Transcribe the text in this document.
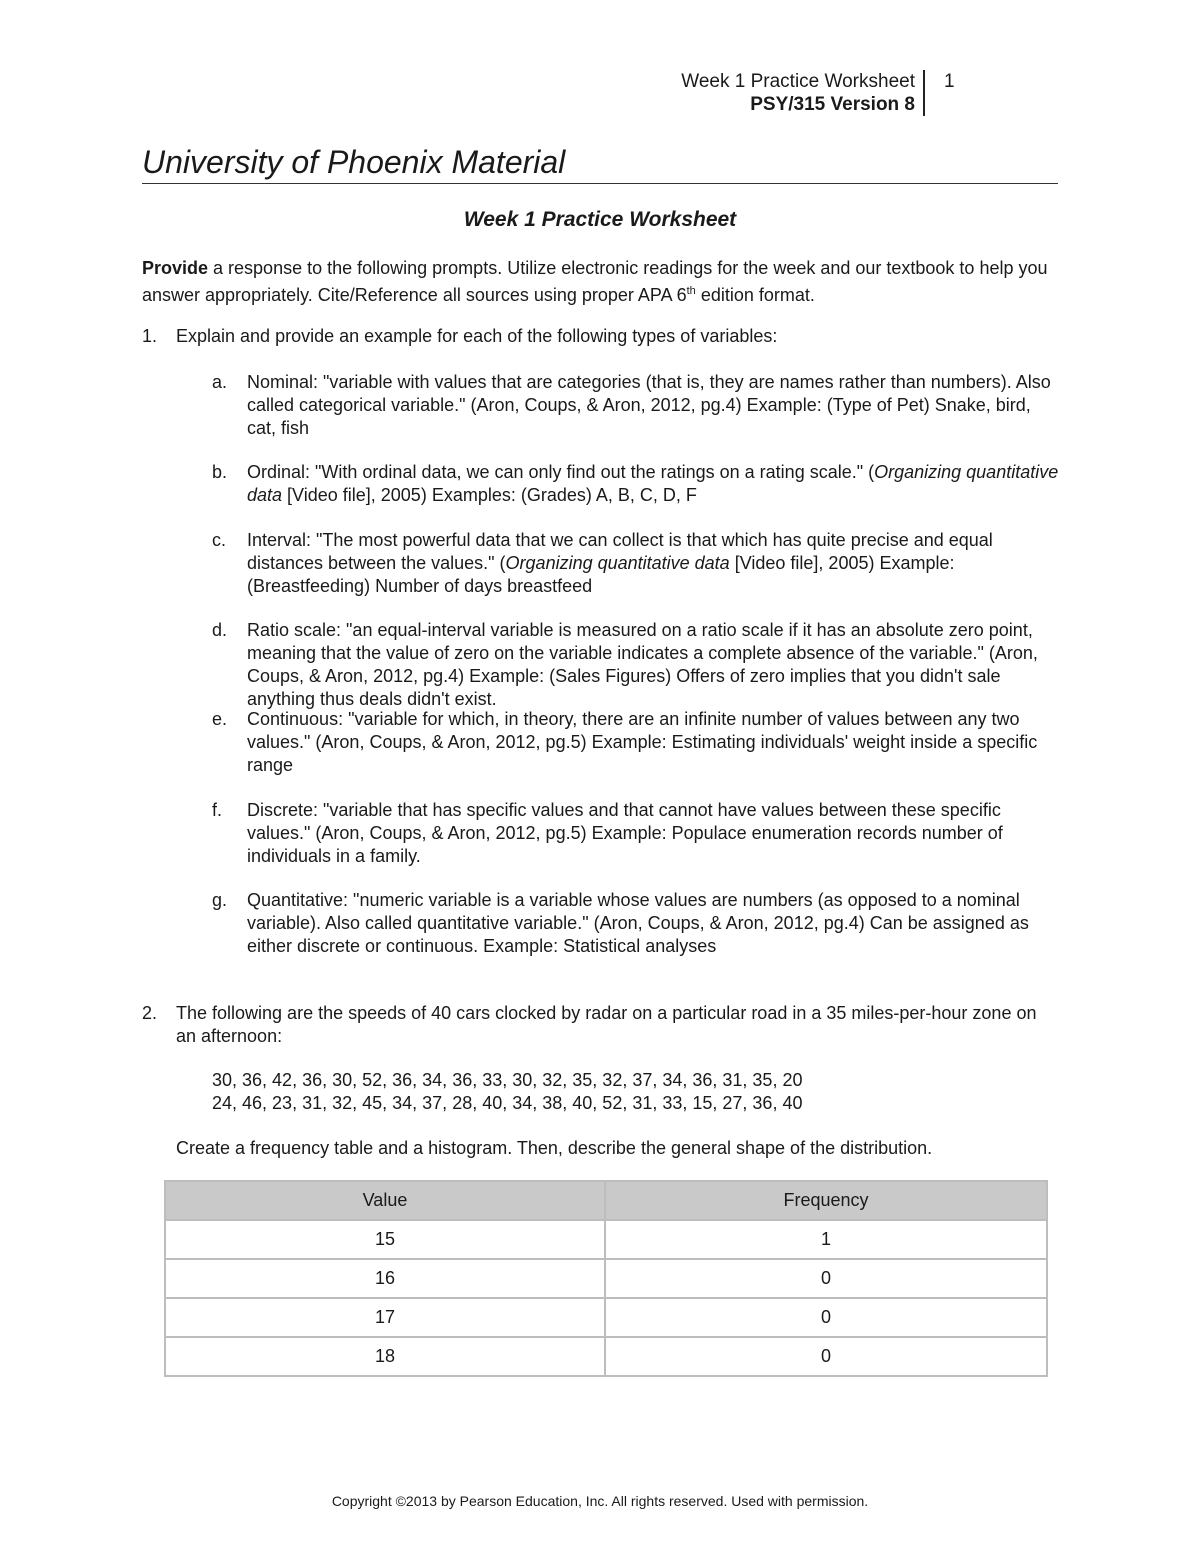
Week 1 Practice Worksheet
PSY/315 Version 8
1
University of Phoenix Material
Week 1 Practice Worksheet
Provide a response to the following prompts. Utilize electronic readings for the week and our textbook to help you answer appropriately. Cite/Reference all sources using proper APA 6th edition format.
1. Explain and provide an example for each of the following types of variables:
a.	Nominal: "variable with values that are categories (that is, they are names rather than numbers). Also called categorical variable." (Aron, Coups, & Aron, 2012, pg.4) Example: (Type of Pet) Snake, bird, cat, fish
b.	Ordinal: "With ordinal data, we can only find out the ratings on a rating scale." (Organizing quantitative data [Video file], 2005) Examples: (Grades) A, B, C, D, F
c.	Interval: "The most powerful data that we can collect is that which has quite precise and equal distances between the values." (Organizing quantitative data [Video file], 2005) Example: (Breastfeeding) Number of days breastfeed
d.	Ratio scale: "an equal-interval variable is measured on a ratio scale if it has an absolute zero point, meaning that the value of zero on the variable indicates a complete absence of the variable." (Aron, Coups, & Aron, 2012, pg.4) Example: (Sales Figures) Offers of zero implies that you didn't sale anything thus deals didn't exist.
e.	Continuous: "variable for which, in theory, there are an infinite number of values between any two values." (Aron, Coups, & Aron, 2012, pg.5) Example: Estimating individuals' weight inside a specific range
f.	Discrete: "variable that has specific values and that cannot have values between these specific values." (Aron, Coups, & Aron, 2012, pg.5) Example: Populace enumeration records number of individuals in a family.
g.	Quantitative: "numeric variable is a variable whose values are numbers (as opposed to a nominal variable). Also called quantitative variable." (Aron, Coups, & Aron, 2012, pg.4) Can be assigned as either discrete or continuous. Example: Statistical analyses
2. The following are the speeds of 40 cars clocked by radar on a particular road in a 35 miles-per-hour zone on an afternoon:
30, 36, 42, 36, 30, 52, 36, 34, 36, 33, 30, 32, 35, 32, 37, 34, 36, 31, 35, 20
24, 46, 23, 31, 32, 45, 34, 37, 28, 40, 34, 38, 40, 52, 31, 33, 15, 27, 36, 40
Create a frequency table and a histogram. Then, describe the general shape of the distribution.
Value	Frequency
15	1
16	0
17	0
18	0
Copyright ©2013 by Pearson Education, Inc. All rights reserved. Used with permission.
